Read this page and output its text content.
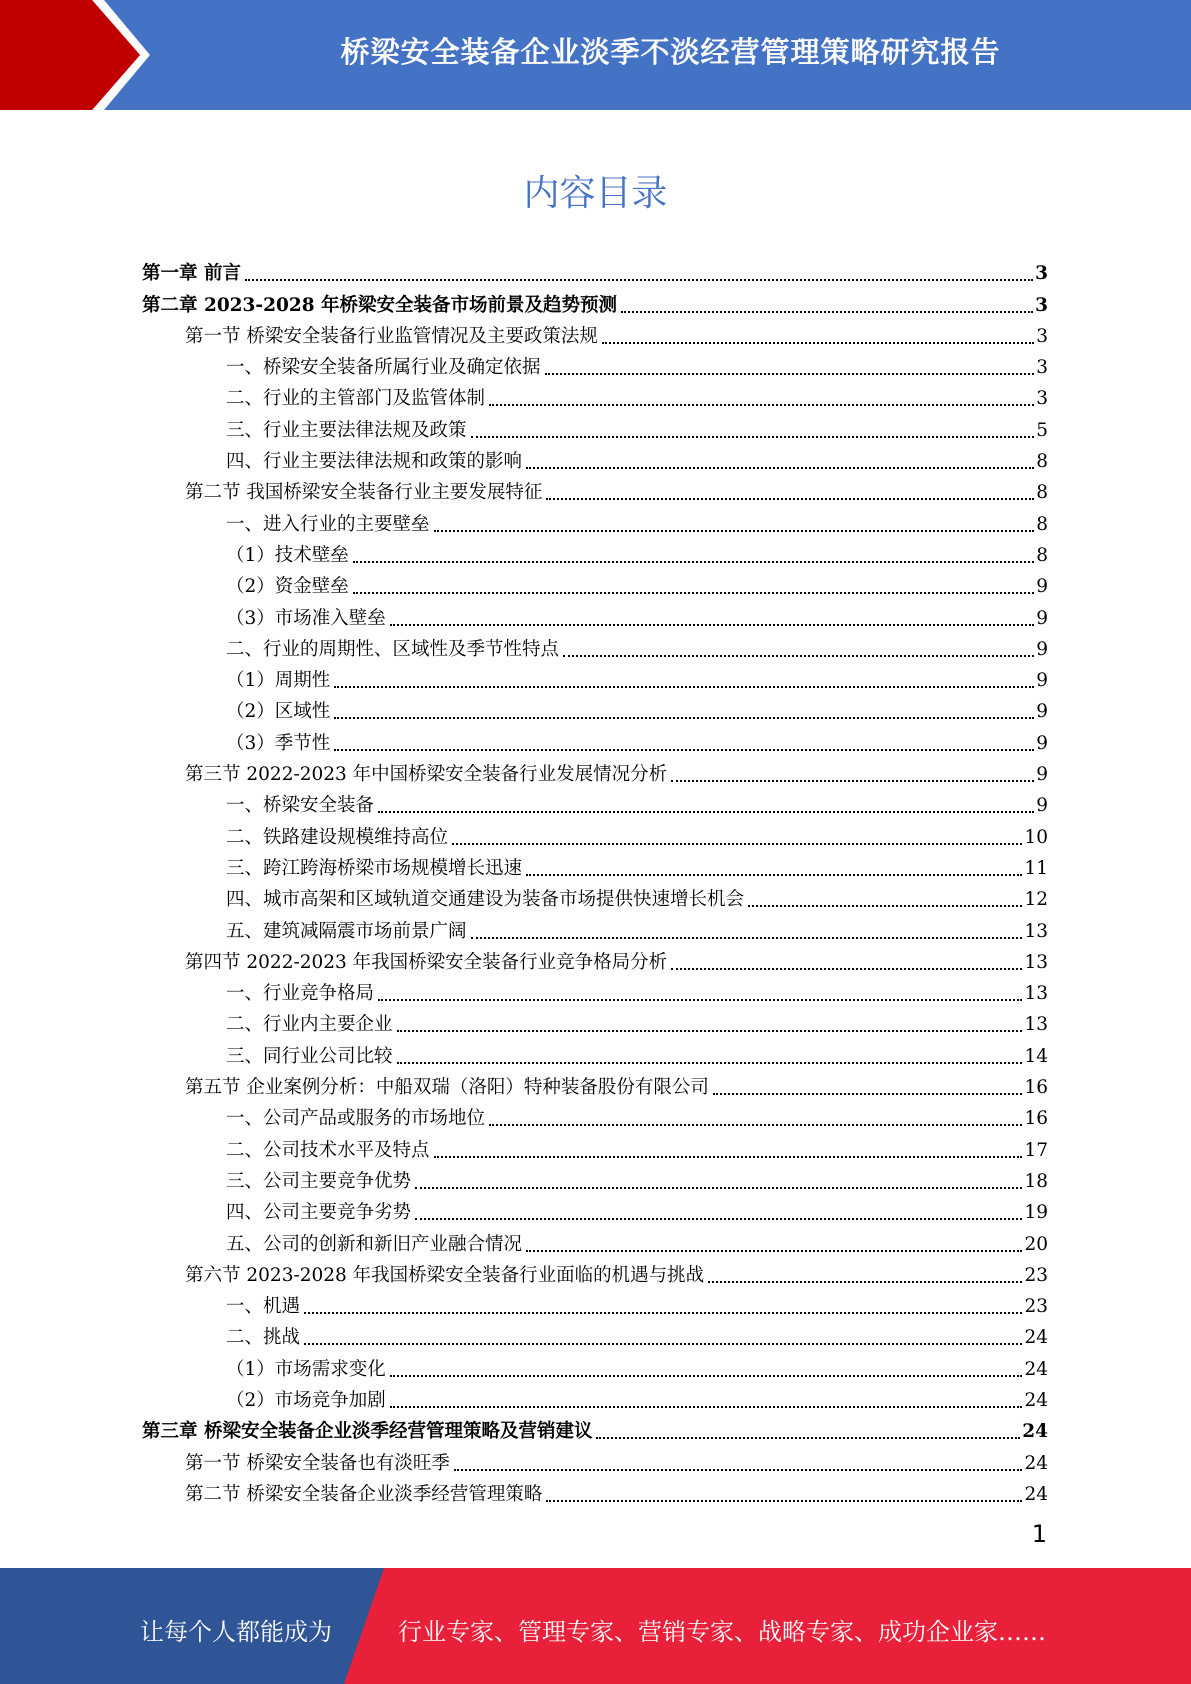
桥梁安全装备企业淡季不淡经营管理策略研究报告
内容目录
第一章 前言	3
第二章 2023-2028 年桥梁安全装备市场前景及趋势预测	3
第一节 桥梁安全装备行业监管情况及主要政策法规	3
一、桥梁安全装备所属行业及确定依据	3
二、行业的主管部门及监管体制	3
三、行业主要法律法规及政策	5
四、行业主要法律法规和政策的影响	8
第二节 我国桥梁安全装备行业主要发展特征	8
一、进入行业的主要壁垒	8
（1）技术壁垒	8
（2）资金壁垒	9
（3）市场准入壁垒	9
二、行业的周期性、区域性及季节性特点	9
（1）周期性	9
（2）区域性	9
（3）季节性	9
第三节 2022-2023 年中国桥梁安全装备行业发展情况分析	9
一、桥梁安全装备	9
二、铁路建设规模维持高位	10
三、跨江跨海桥梁市场规模增长迅速	11
四、城市高架和区域轨道交通建设为装备市场提供快速增长机会	12
五、建筑减隔震市场前景广阔	13
第四节 2022-2023 年我国桥梁安全装备行业竞争格局分析	13
一、行业竞争格局	13
二、行业内主要企业	13
三、同行业公司比较	14
第五节 企业案例分析：中船双瑞（洛阳）特种装备股份有限公司	16
一、公司产品或服务的市场地位	16
二、公司技术水平及特点	17
三、公司主要竞争优势	18
四、公司主要竞争劣势	19
五、公司的创新和新旧产业融合情况	20
第六节 2023-2028 年我国桥梁安全装备行业面临的机遇与挑战	23
一、机遇	23
二、挑战	24
（1）市场需求变化	24
（2）市场竞争加剧	24
第三章 桥梁安全装备企业淡季经营管理策略及营销建议	24
第一节 桥梁安全装备也有淡旺季	24
第二节 桥梁安全装备企业淡季经营管理策略	24
1
让每个人都能成为	行业专家、管理专家、营销专家、战略专家、成功企业家……
